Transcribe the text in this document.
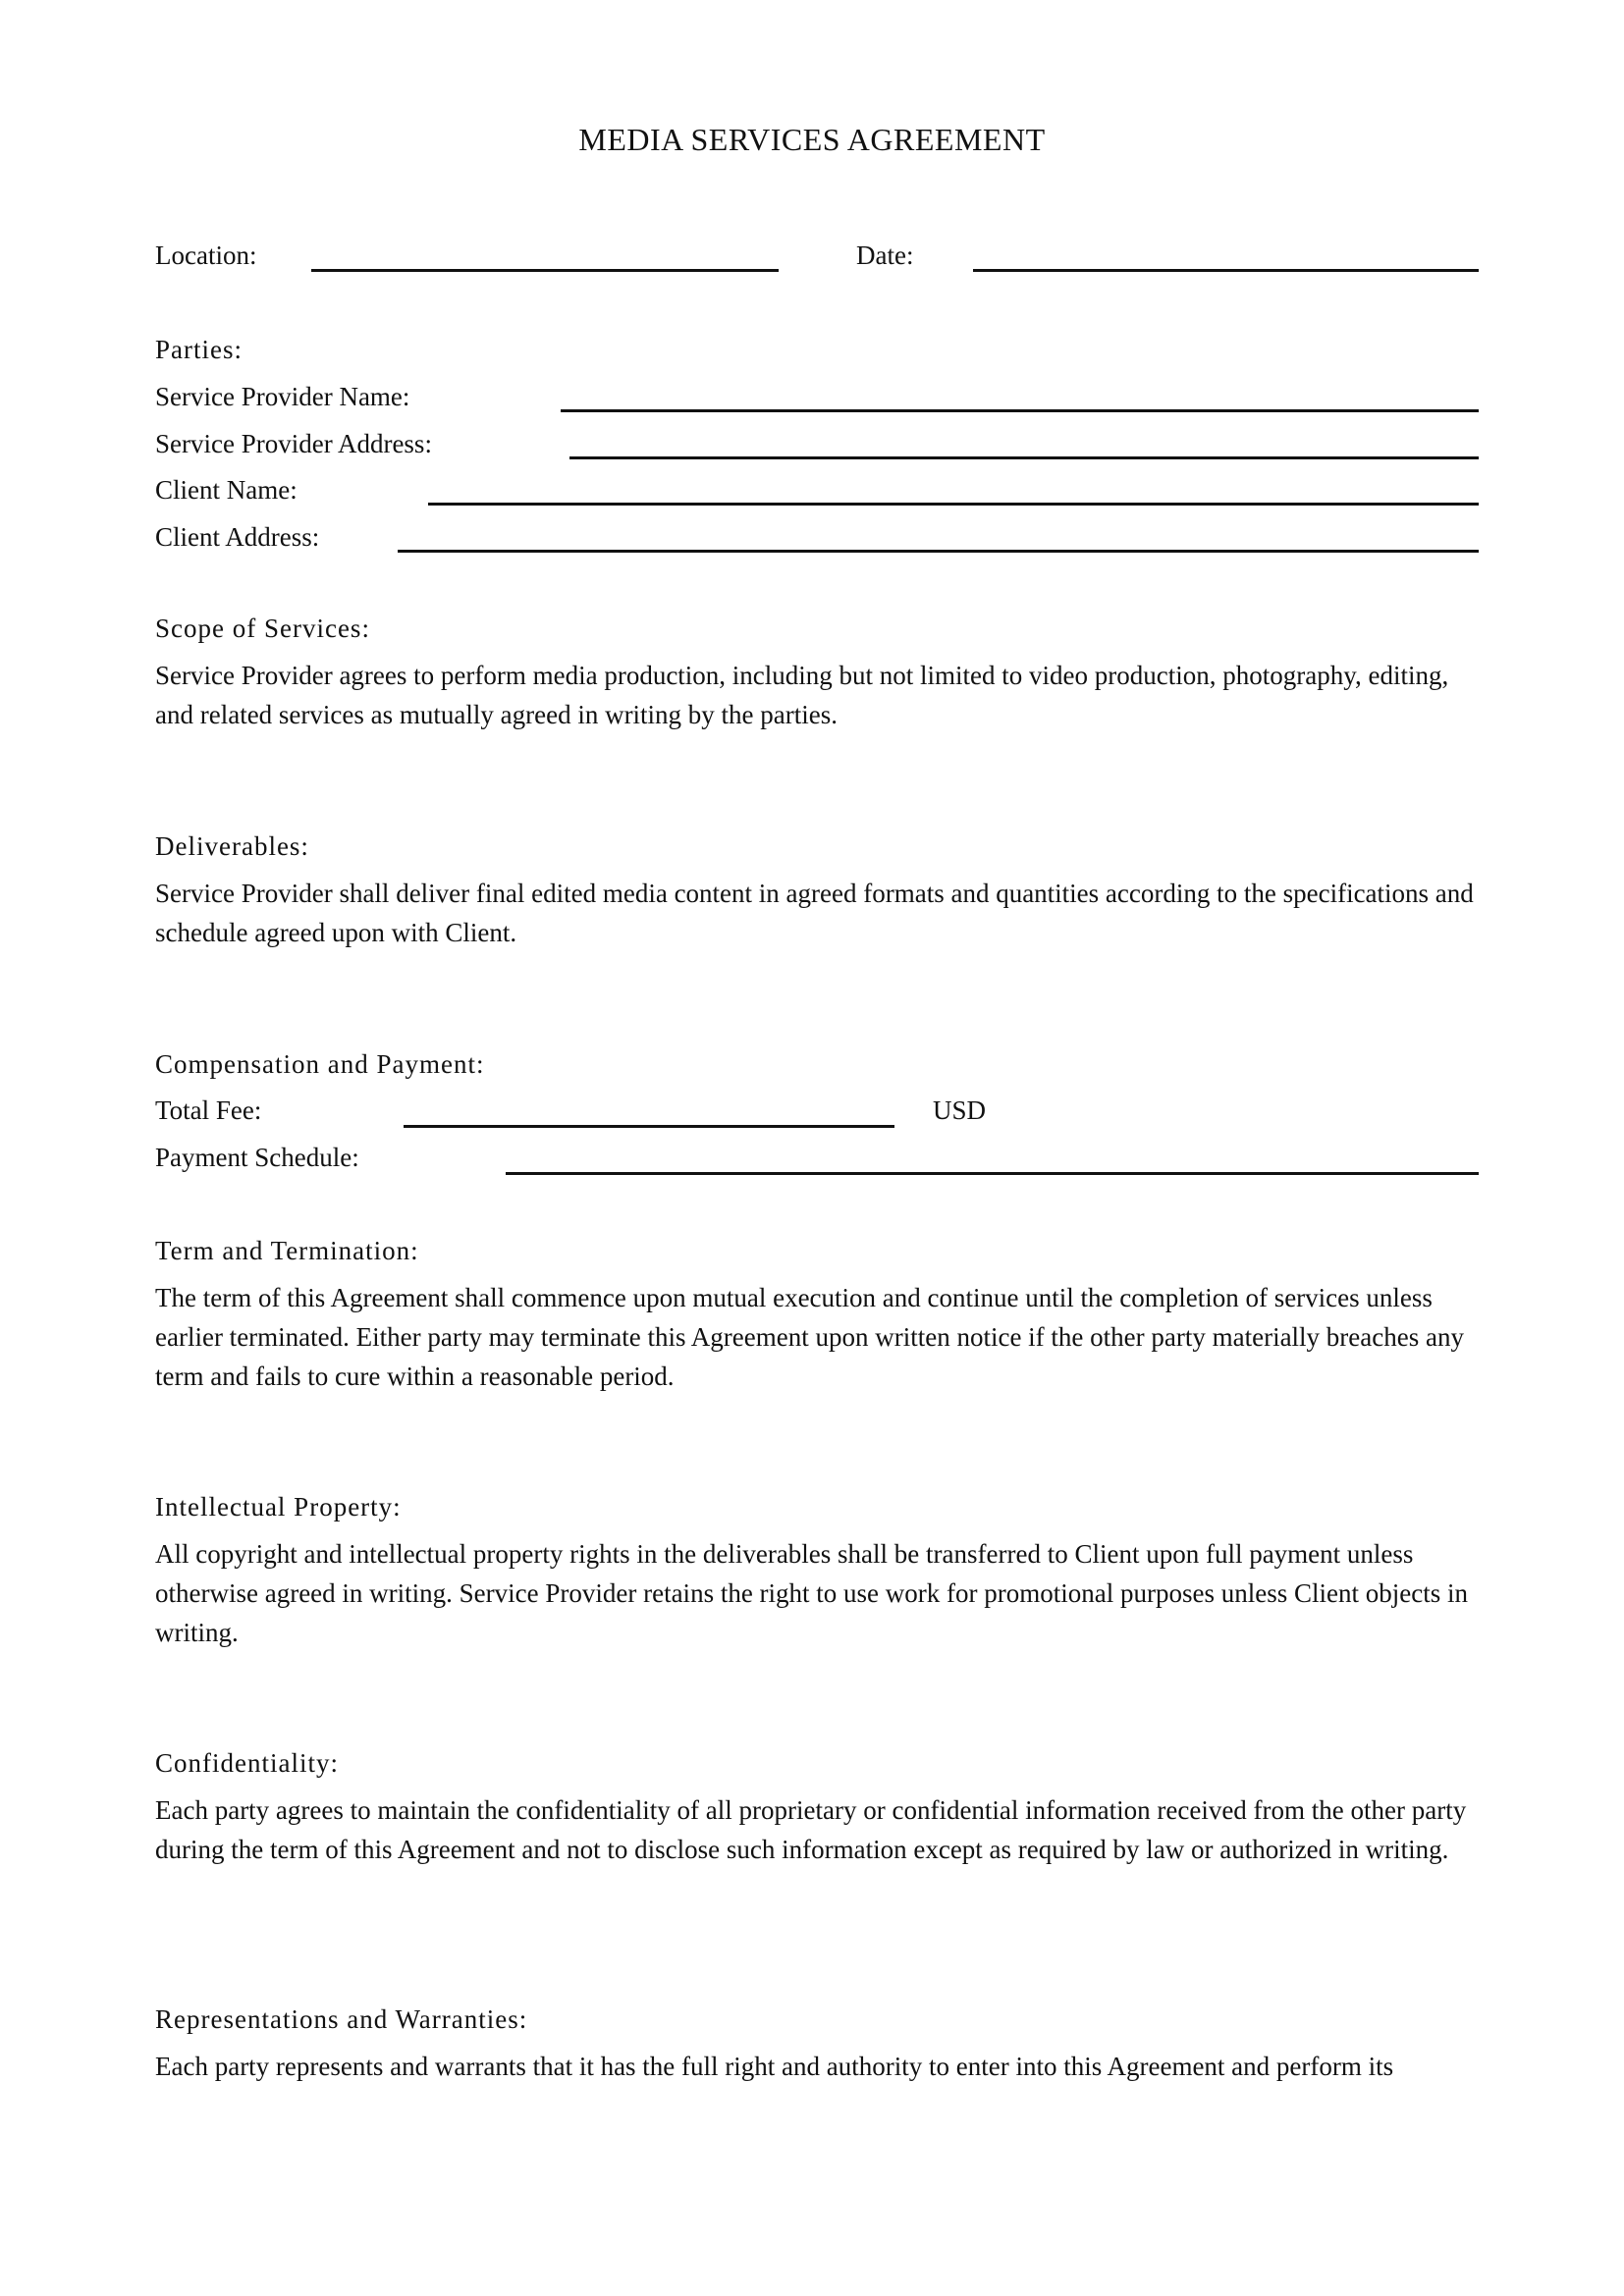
MEDIA SERVICES AGREEMENT
Location:	Date:
Parties:
Service Provider Name:
Service Provider Address:
Client Name:
Client Address:
Scope of Services:

Service Provider agrees to perform media production, including but not limited to video production, photography, editing, and related services as mutually agreed in writing by the parties.

Deliverables:

Service Provider shall deliver final edited media content in agreed formats and quantities according to the specifications and schedule agreed upon with Client.

Compensation and Payment:
Total Fee:	USD
Payment Schedule:
Term and Termination:

The term of this Agreement shall commence upon mutual execution and continue until the completion of services unless earlier terminated. Either party may terminate this Agreement upon written notice if the other party materially breaches any term and fails to cure within a reasonable period.

Intellectual Property:

All copyright and intellectual property rights in the deliverables shall be transferred to Client upon full payment unless otherwise agreed in writing. Service Provider retains the right to use work for promotional purposes unless Client objects in writing.

Confidentiality:

Each party agrees to maintain the confidentiality of all proprietary or confidential information received from the other party during the term of this Agreement and not to disclose such information except as required by law or authorized in writing.

Representations and Warranties:

Each party represents and warrants that it has the full right and authority to enter into this Agreement and perform its
